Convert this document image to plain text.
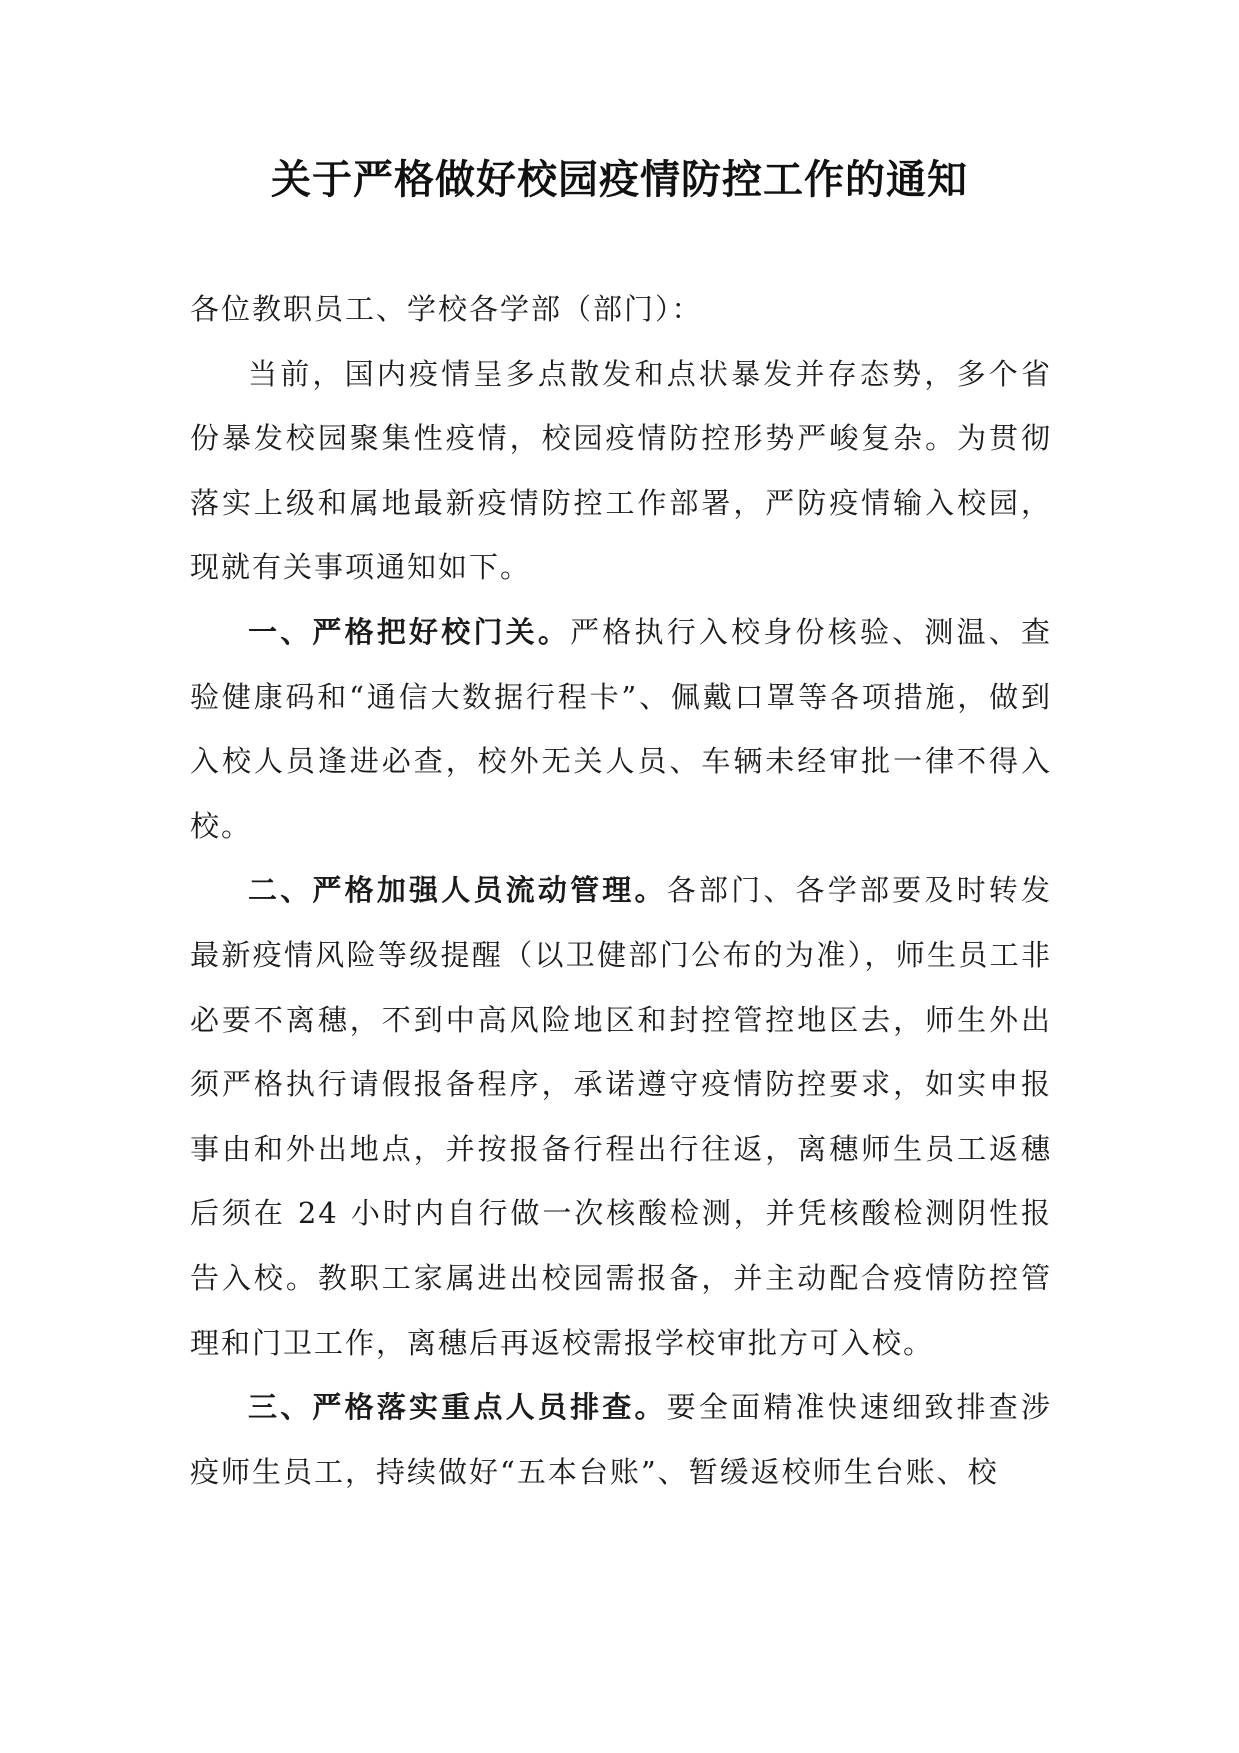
关于严格做好校园疫情防控工作的通知

各位教职员工、学校各学部（部门）：

当前，国内疫情呈多点散发和点状暴发并存态势，多个省份暴发校园聚集性疫情，校园疫情防控形势严峻复杂。为贯彻落实上级和属地最新疫情防控工作部署，严防疫情输入校园，现就有关事项通知如下。

一、严格把好校门关。严格执行入校身份核验、测温、查验健康码和“通信大数据行程卡”、佩戴口罩等各项措施，做到入校人员逢进必查，校外无关人员、车辆未经审批一律不得入校。

二、严格加强人员流动管理。各部门、各学部要及时转发最新疫情风险等级提醒（以卫健部门公布的为准），师生员工非必要不离穗，不到中高风险地区和封控管控地区去，师生外出须严格执行请假报备程序，承诺遵守疫情防控要求，如实申报事由和外出地点，并按报备行程出行往返，离穗师生员工返穗后须在 24 小时内自行做一次核酸检测，并凭核酸检测阴性报告入校。教职工家属进出校园需报备，并主动配合疫情防控管理和门卫工作，离穗后再返校需报学校审批方可入校。

三、严格落实重点人员排查。要全面精准快速细致排查涉疫师生员工，持续做好“五本台账”、暂缓返校师生台账、校
